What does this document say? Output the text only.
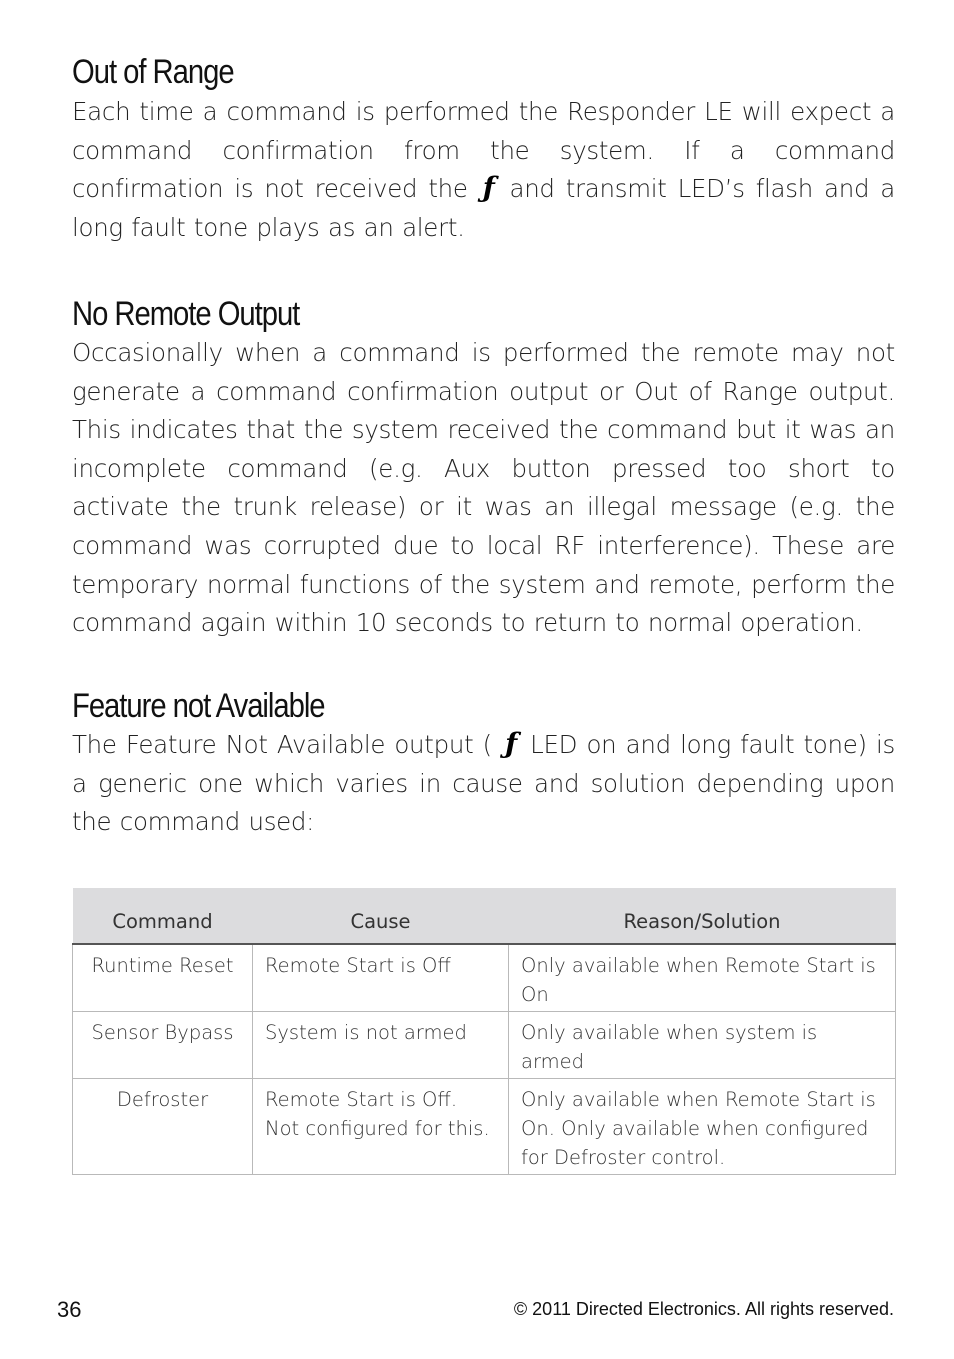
Out of Range

Each time a command is performed the Responder LE will expect a command confirmation from the system. If a command confirmation is not received the ƒ and transmit LED’s flash and a long fault tone plays as an alert.

No Remote Output

Occasionally when a command is performed the remote may not generate a command confirmation output or Out of Range output. This indicates that the system received the command but it was an incomplete command (e.g. Aux button pressed too short to activate the trunk release) or it was an illegal message (e.g. the command was corrupted due to local RF interference). These are temporary normal functions of the system and remote, perform the command again within 10 seconds to return to normal operation.

Feature not Available

The Feature Not Available output ( ƒ LED on and long fault tone) is a generic one which varies in cause and solution depending upon the command used:

Command	Cause	Reason/Solution
Runtime Reset	Remote Start is Off	Only available when Remote Start is On
Sensor Bypass	System is not armed	Only available when system is armed
Defroster	Remote Start is Off. Not configured for this.	Only available when Remote Start is On. Only available when configured for Defroster control.
36	© 2011 Directed Electronics. All rights reserved.
